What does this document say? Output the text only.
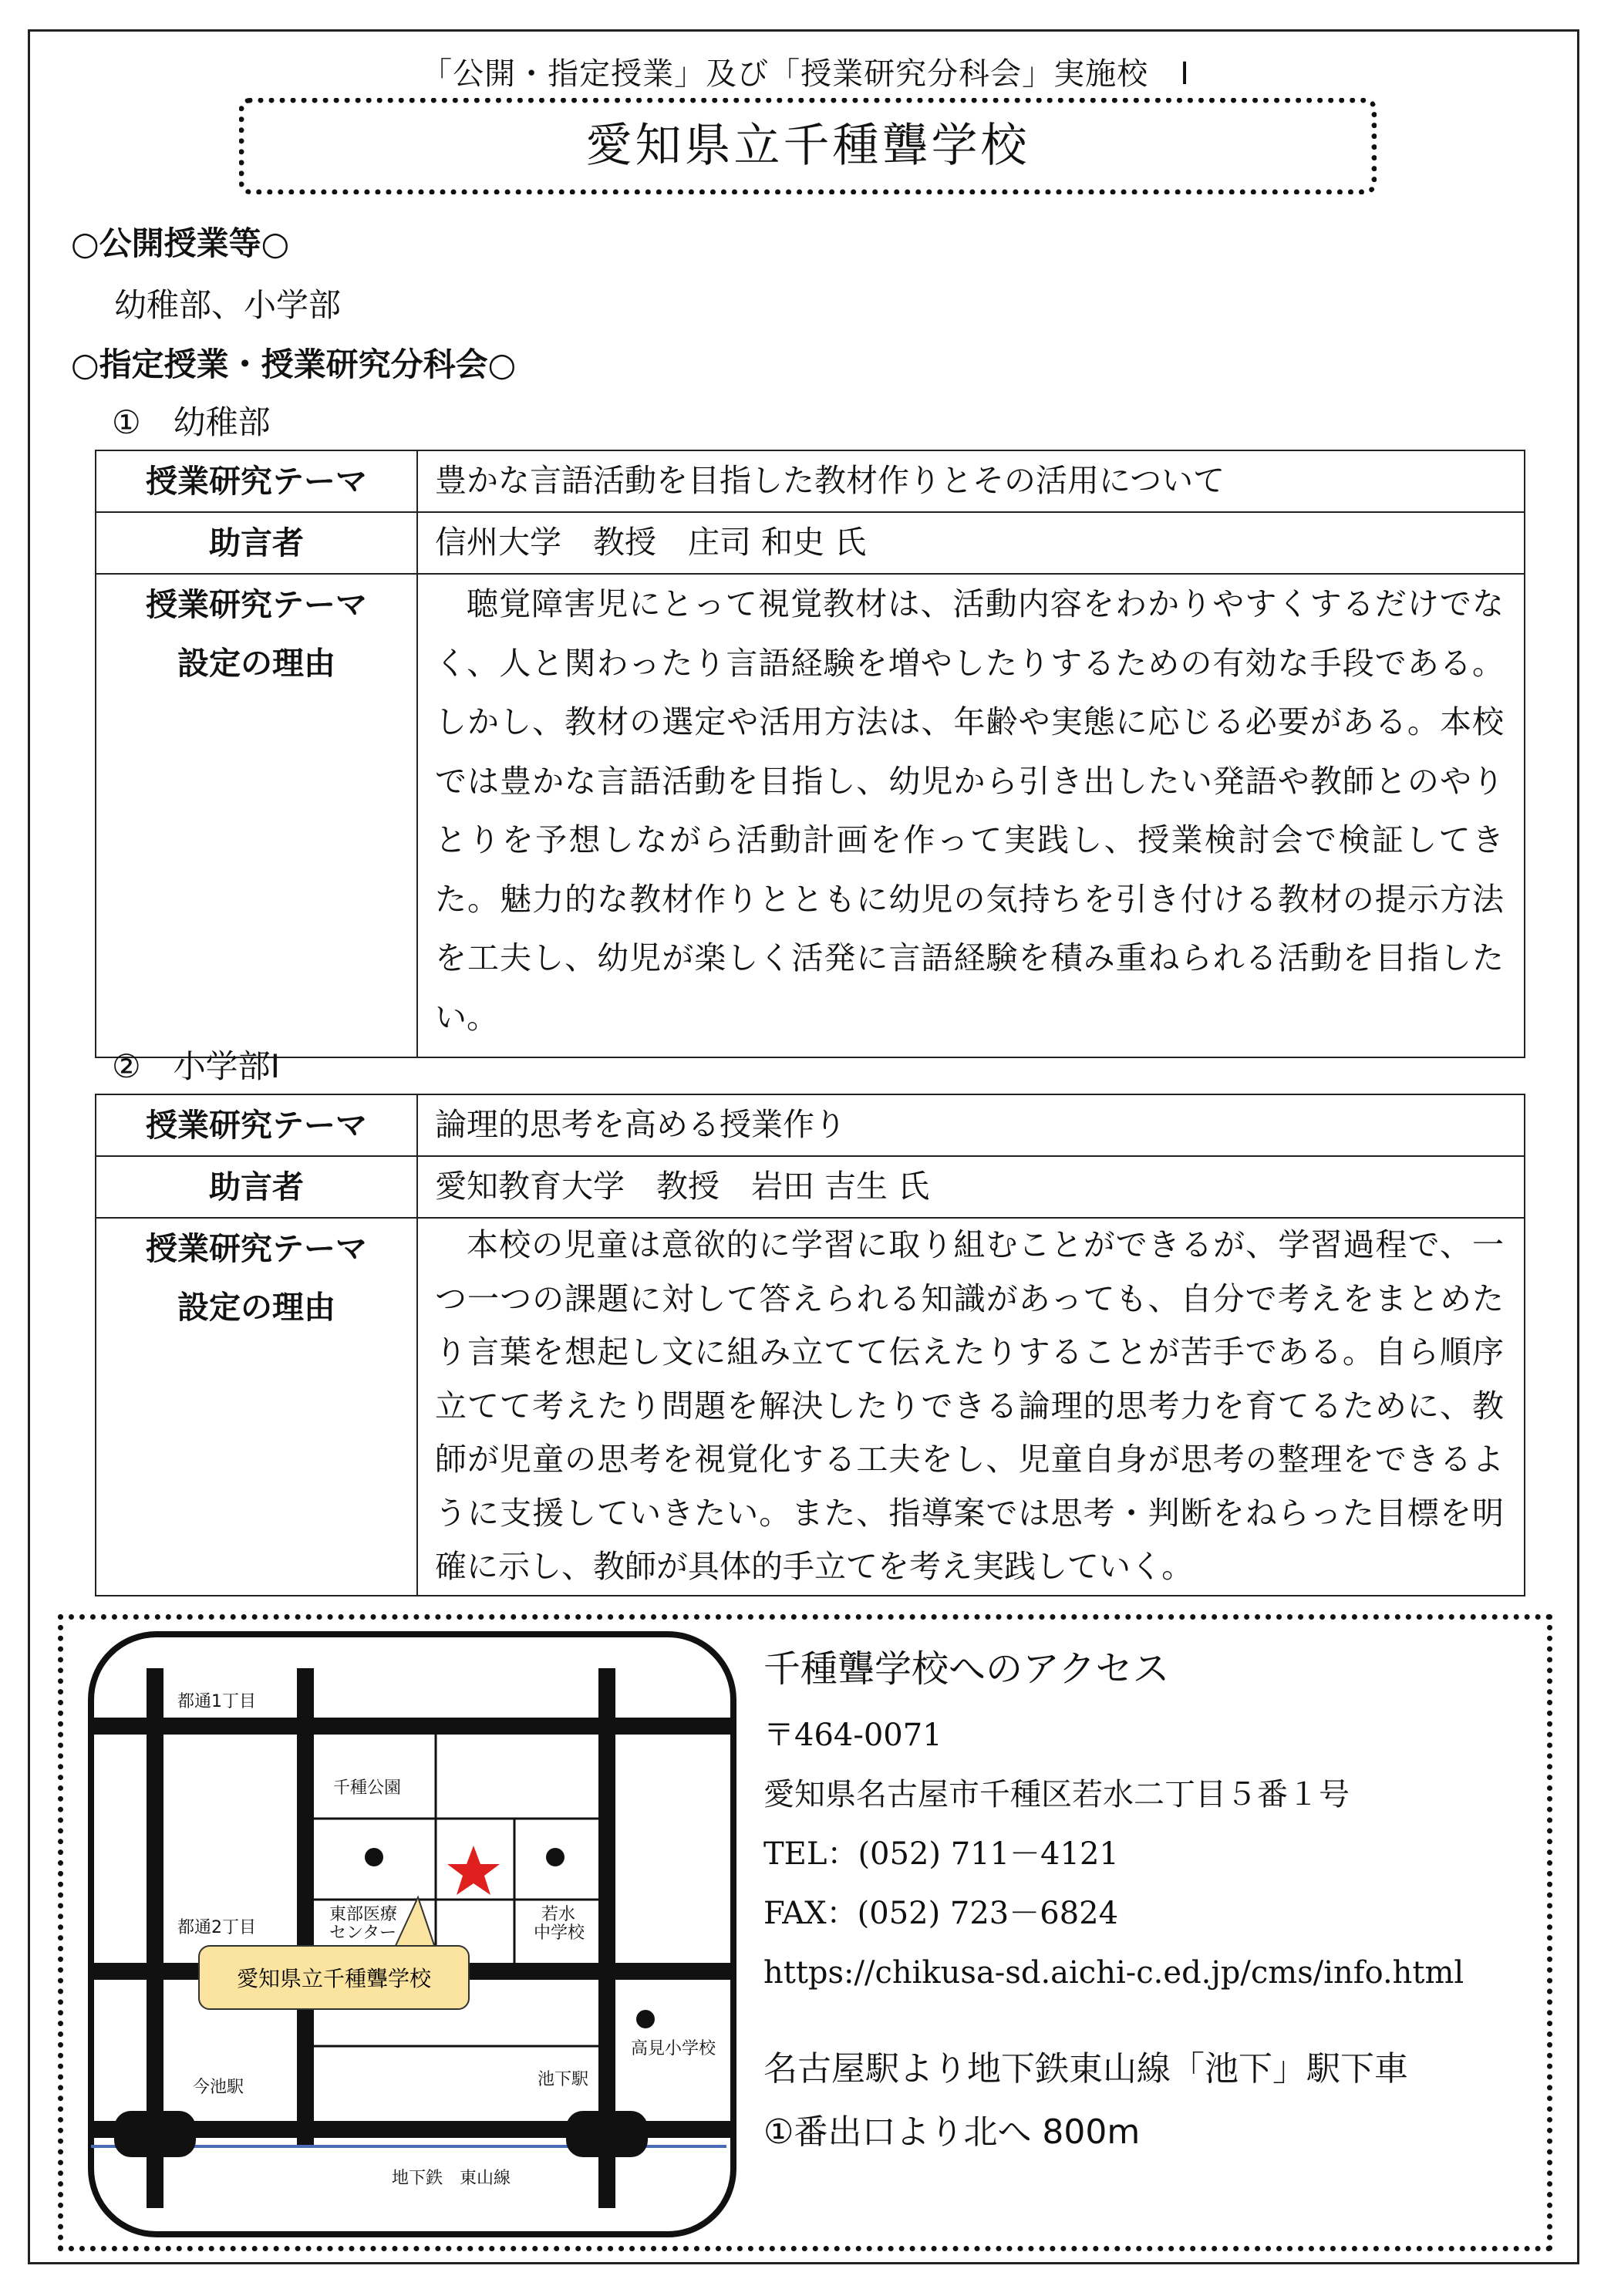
「公開・指定授業」及び「授業研究分科会」実施校　Ⅰ
愛知県立千種聾学校
○公開授業等○
幼稚部、小学部
○指定授業・授業研究分科会○
①　幼稚部
授業研究テーマ	豊かな言語活動を目指した教材作りとその活用について
助言者	信州大学　教授　庄司 和史 氏

授業研究テーマ
設定の理由	聴覚障害児にとって視覚教材は、活動内容をわかりやすくするだけでなく、人と関わったり言語経験を増やしたりするための有効な手段である。しかし、教材の選定や活用方法は、年齢や実態に応じる必要がある。本校では豊かな言語活動を目指し、幼児から引き出したい発語や教師とのやりとりを予想しながら活動計画を作って実践し、授業検討会で検証してきた。魅力的な教材作りとともに幼児の気持ちを引き付ける教材の提示方法を工夫し、幼児が楽しく活発に言語経験を積み重ねられる活動を目指したい。
②　小学部Ⅰ
授業研究テーマ	論理的思考を高める授業作り
助言者	愛知教育大学　教授　岩田 吉生 氏

授業研究テーマ
設定の理由	本校の児童は意欲的に学習に取り組むことができるが、学習過程で、一つ一つの課題に対して答えられる知識があっても、自分で考えをまとめたり言葉を想起し文に組み立てて伝えたりすることが苦手である。自ら順序立てて考えたり問題を解決したりできる論理的思考力を育てるために、教師が児童の思考を視覚化する工夫をし、児童自身が思考の整理をできるように支援していきたい。また、指導案では思考・判断をねらった目標を明確に示し、教師が具体的手立てを考え実践していく。
愛知県立千種聾学校
都通1丁目
都通2丁目
千種公園
東部医療
センター
若水
中学校
高見小学校
今池駅	池下駅
地下鉄　東山線
千種聾学校へのアクセス
〒464-0071
愛知県名古屋市千種区若水二丁目５番１号
TEL：(052) 711－4121
FAX：(052) 723－6824
https://chikusa-sd.aichi-c.ed.jp/cms/info.html
名古屋駅より地下鉄東山線「池下」駅下車
①番出口より北へ 800m
